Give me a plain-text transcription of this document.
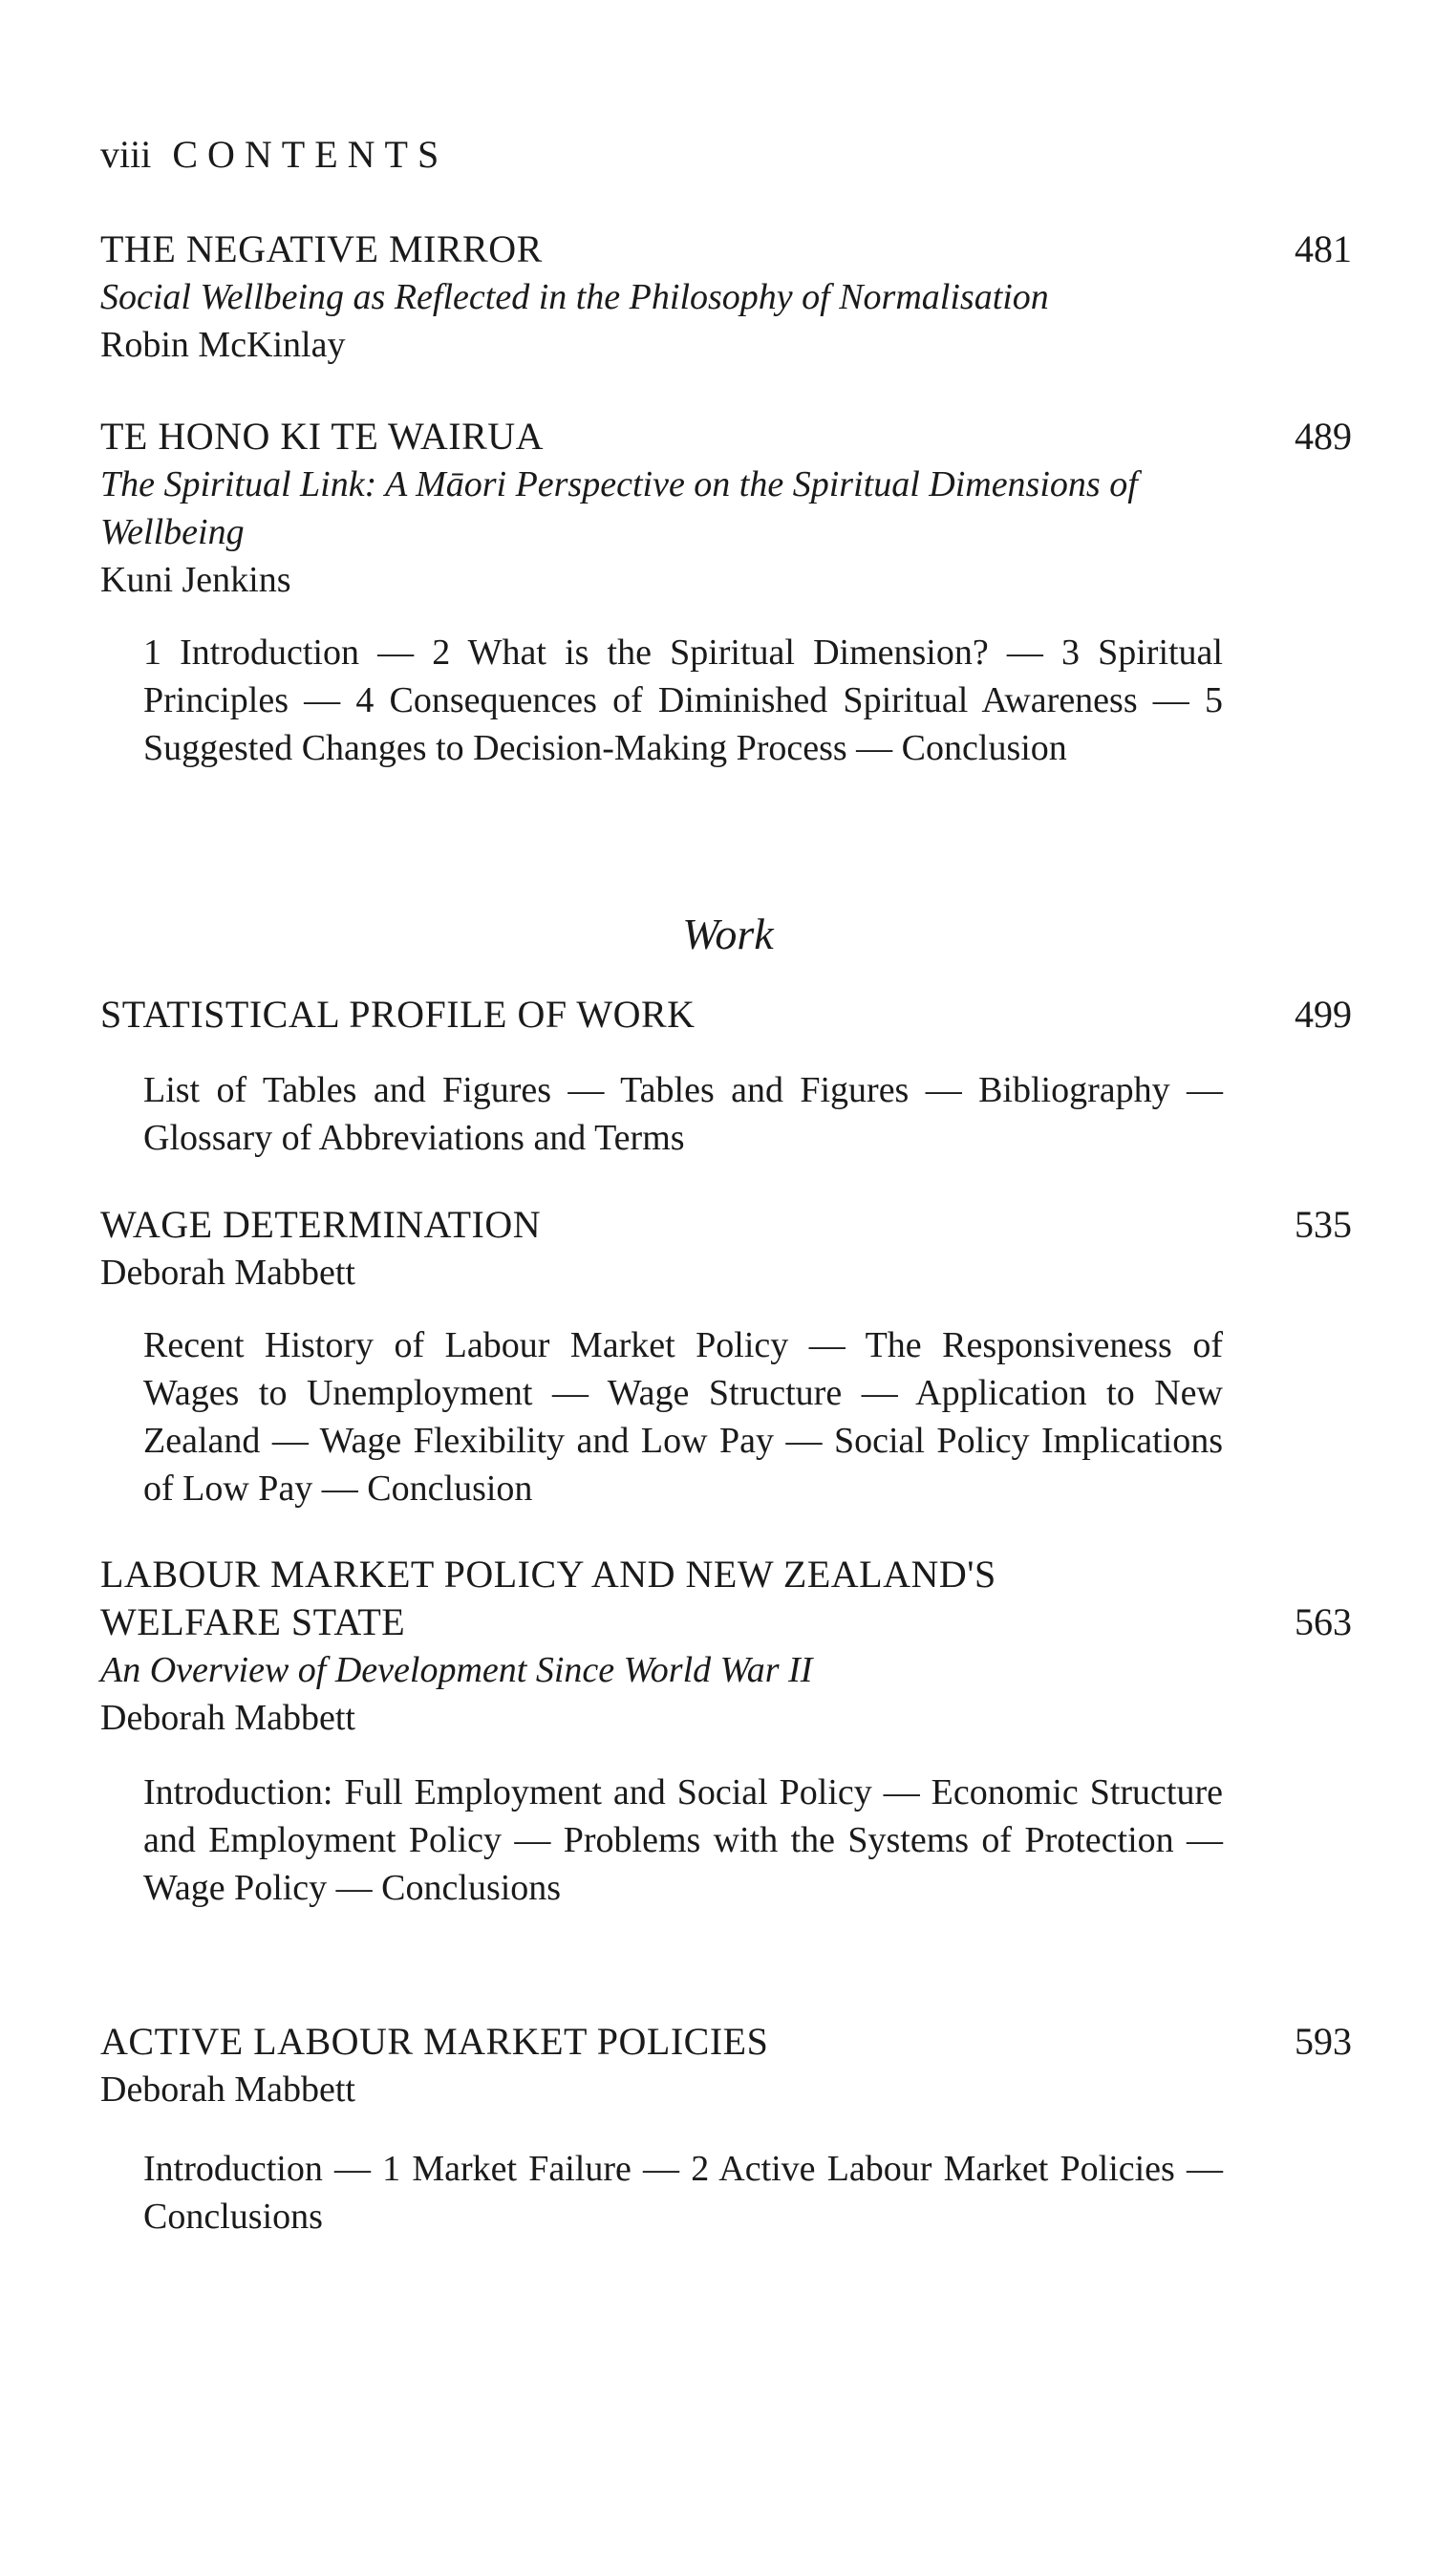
viii CONTENTS
THE NEGATIVE MIRROR	481
Social Wellbeing as Reflected in the Philosophy of Normalisation
Robin McKinlay
TE HONO KI TE WAIRUA	489
The Spiritual Link: A Māori Perspective on the Spiritual Dimensions of Wellbeing
Kuni Jenkins
1 Introduction — 2 What is the Spiritual Dimension? — 3 Spiritual Principles — 4 Consequences of Diminished Spiritual Awareness — 5 Suggested Changes to Decision-Making Process — Conclusion
Work
STATISTICAL PROFILE OF WORK	499
List of Tables and Figures — Tables and Figures — Bibliography — Glossary of Abbreviations and Terms
WAGE DETERMINATION	535
Deborah Mabbett
Recent History of Labour Market Policy — The Responsiveness of Wages to Unemployment — Wage Structure — Application to New Zealand — Wage Flexibility and Low Pay — Social Policy Implications of Low Pay — Conclusion
LABOUR MARKET POLICY AND NEW ZEALAND'S
WELFARE STATE	563
An Overview of Development Since World War II
Deborah Mabbett
Introduction: Full Employment and Social Policy — Economic Structure and Employment Policy — Problems with the Systems of Protection — Wage Policy — Conclusions
ACTIVE LABOUR MARKET POLICIES	593
Deborah Mabbett
Introduction — 1 Market Failure — 2 Active Labour Market Policies — Conclusions
